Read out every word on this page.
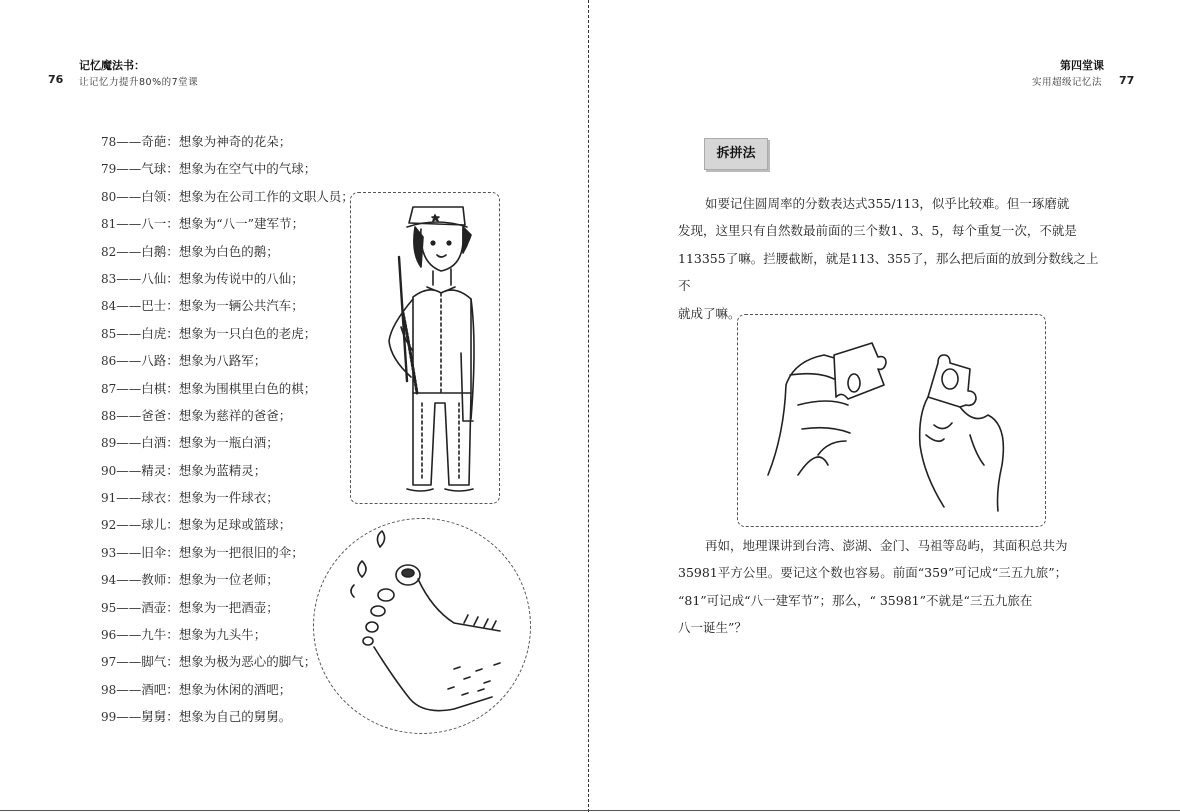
76
记忆魔法书：
让记忆力提升80%的7堂课
78——奇葩：想象为神奇的花朵；
79——气球：想象为在空气中的气球；
80——白领：想象为在公司工作的文职人员；
81——八一：想象为“八一”建军节；
82——白鹅：想象为白色的鹅；
83——八仙：想象为传说中的八仙；
84——巴士：想象为一辆公共汽车；
85——白虎：想象为一只白色的老虎；
86——八路：想象为八路军；
87——白棋：想象为围棋里白色的棋；
88——爸爸：想象为慈祥的爸爸；
89——白酒：想象为一瓶白酒；
90——精灵：想象为蓝精灵；
91——球衣：想象为一件球衣；
92——球儿：想象为足球或篮球；
93——旧伞：想象为一把很旧的伞；
94——教师：想象为一位老师；
95——酒壶：想象为一把酒壶；
96——九牛：想象为九头牛；
97——脚气：想象为极为恶心的脚气；
98——酒吧：想象为休闲的酒吧；
99——舅舅：想象为自己的舅舅。
第四堂课
实用超级记忆法 77
拆拼法
如要记住圆周率的分数表达式355/113，似乎比较难。但一琢磨就
发现，这里只有自然数最前面的三个数1、3、5，每个重复一次，不就是
113355了嘛。拦腰截断，就是113、355了，那么把后面的放到分数线之上不
就成了嘛。
再如，地理课讲到台湾、澎湖、金门、马祖等岛屿，其面积总共为
35981平方公里。要记这个数也容易。前面“359”可记成“三五九旅”；
“81”可记成“八一建军节”；那么，“ 35981”不就是“三五九旅在
八一诞生”？
